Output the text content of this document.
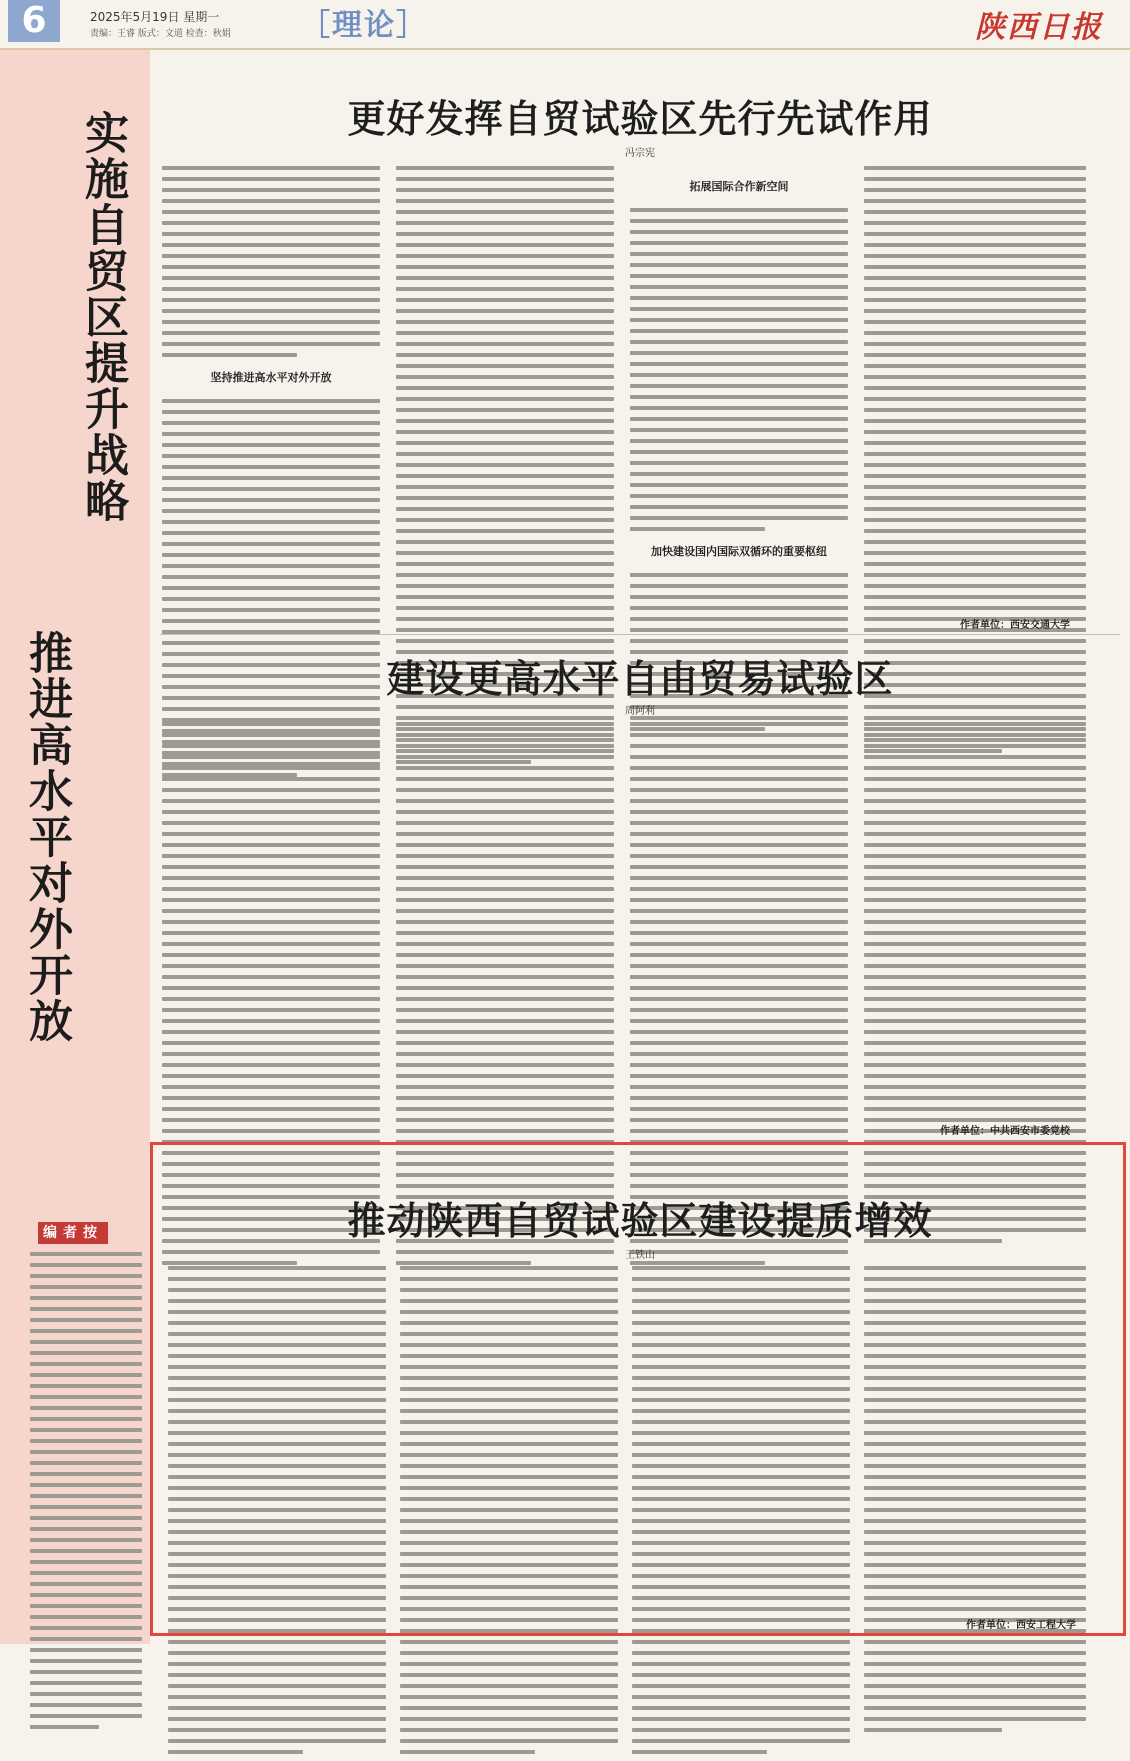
6	2025年5月19日 星期一
责编：王睿 版式：文道 检查：秋娟 ［理论］	陕西日报
实施自贸区提升战略
推进高水平对外开放
编者按
更好发挥自贸试验区先行先试作用
冯宗宪
坚持推进高水平对外开放
拓展国际合作新空间
加快建设国内国际双循环的重要枢纽
作者单位：西安交通大学
建设更高水平自由贸易试验区
周阿利
作者单位：中共西安市委党校
推动陕西自贸试验区建设提质增效
王铁山
作者单位：西安工程大学
